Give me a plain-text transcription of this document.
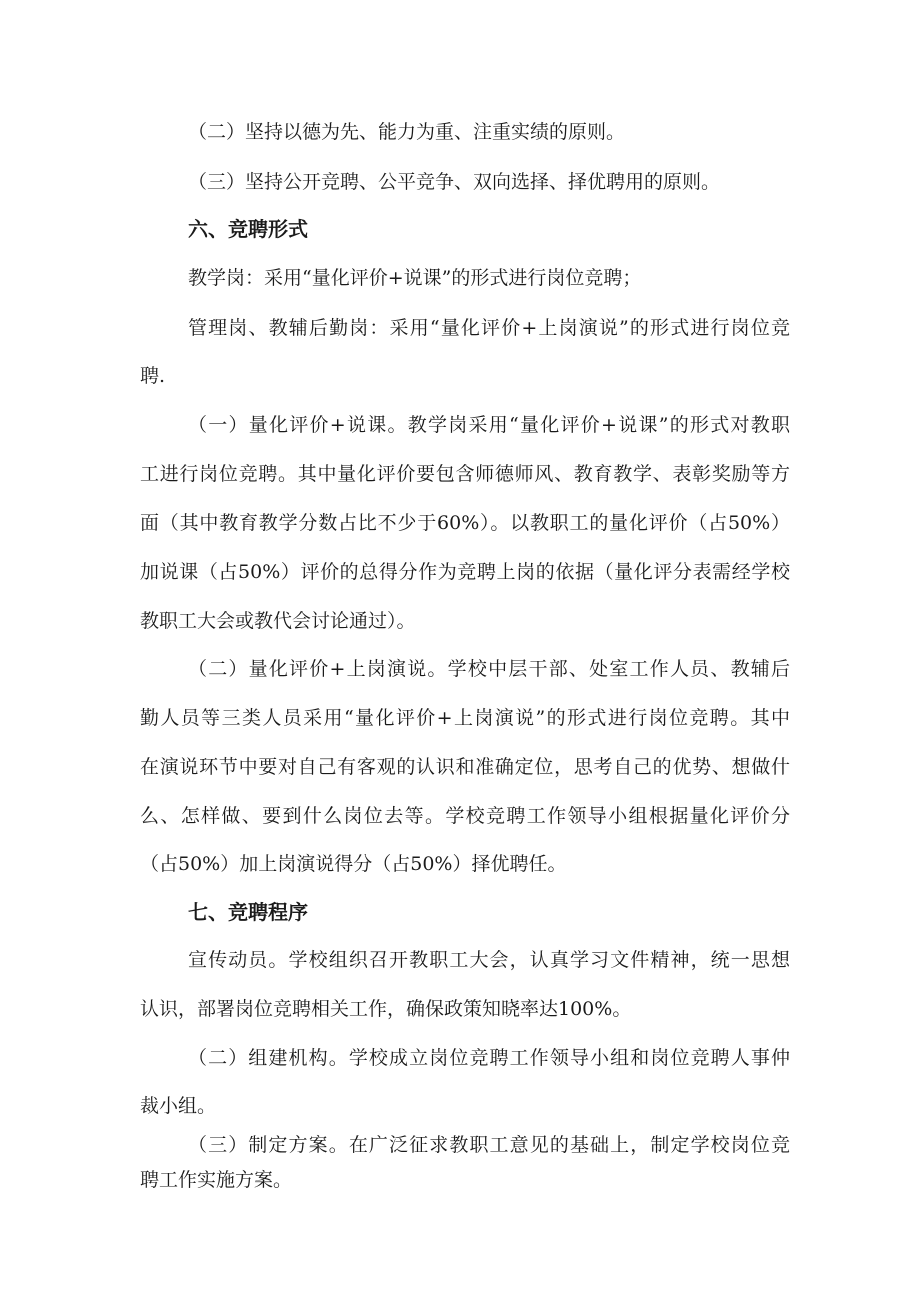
（二）坚持以德为先、能力为重、注重实绩的原则。
（三）坚持公开竞聘、公平竞争、双向选择、择优聘用的原则。
六、竞聘形式
教学岗：采用“量化评价+说课”的形式进行岗位竞聘；
管理岗、教辅后勤岗：采用“量化评价+上岗演说”的形式进行岗位竞
聘.
（一）量化评价+说课。教学岗采用“量化评价+说课”的形式对教职
工进行岗位竞聘。其中量化评价要包含师德师风、教育教学、表彰奖励等方
面（其中教育教学分数占比不少于60%）。以教职工的量化评价（占50%）
加说课（占50%）评价的总得分作为竞聘上岗的依据（量化评分表需经学校
教职工大会或教代会讨论通过）。
（二）量化评价+上岗演说。学校中层干部、处室工作人员、教辅后
勤人员等三类人员采用“量化评价+上岗演说”的形式进行岗位竞聘。其中
在演说环节中要对自己有客观的认识和准确定位，思考自己的优势、想做什
么、怎样做、要到什么岗位去等。学校竞聘工作领导小组根据量化评价分
（占50%）加上岗演说得分（占50%）择优聘任。
七、竞聘程序
宣传动员。学校组织召开教职工大会，认真学习文件精神，统一思想
认识，部署岗位竞聘相关工作，确保政策知晓率达100%。
（二）组建机构。学校成立岗位竞聘工作领导小组和岗位竞聘人事仲
裁小组。
（三）制定方案。在广泛征求教职工意见的基础上，制定学校岗位竞
聘工作实施方案。
